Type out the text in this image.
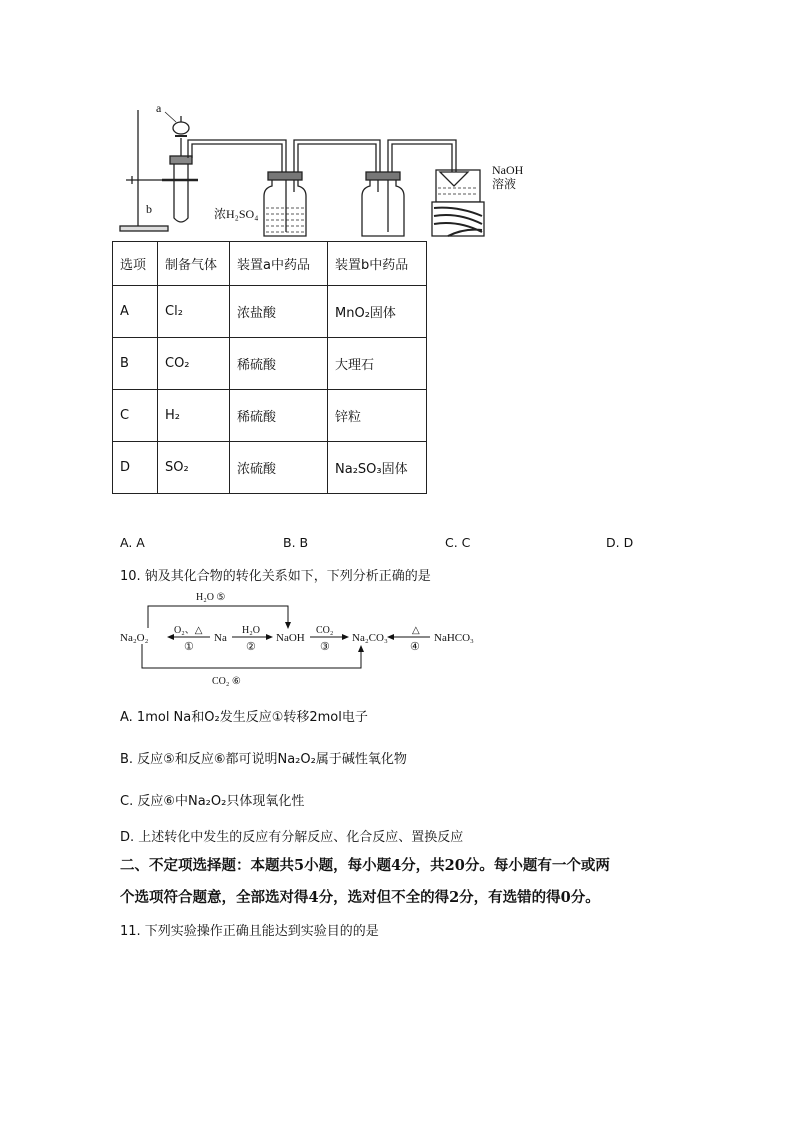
a
b	浓H₂SO₄
NaOH
溶液
选项	制备气体	装置a中药品	装置b中药品
A	Cl₂	浓盐酸	MnO₂固体
B	CO₂	稀硫酸	大理石
C	H₂	稀硫酸	锌粒
D	SO₂	浓硫酸	Na₂SO₃固体
A. A	B. B	C. C	D. D
10. 钠及其化合物的转化关系如下，下列分析正确的是
Na₂O₂	Na	NaOH	Na₂CO₃	NaHCO₃
O₂、△
①
H₂O
②
CO₂
③
△
④
H₂O ⑤
CO₂ ⑥
A. 1mol Na和O₂发生反应①转移2mol电子
B. 反应⑤和反应⑥都可说明Na₂O₂属于碱性氧化物
C. 反应⑥中Na₂O₂只体现氧化性
D. 上述转化中发生的反应有分解反应、化合反应、置换反应
二、不定项选择题：本题共5小题，每小题4分，共20分。每小题有一个或两
个选项符合题意，全部选对得4分，选对但不全的得2分，有选错的得0分。
11. 下列实验操作正确且能达到实验目的的是
